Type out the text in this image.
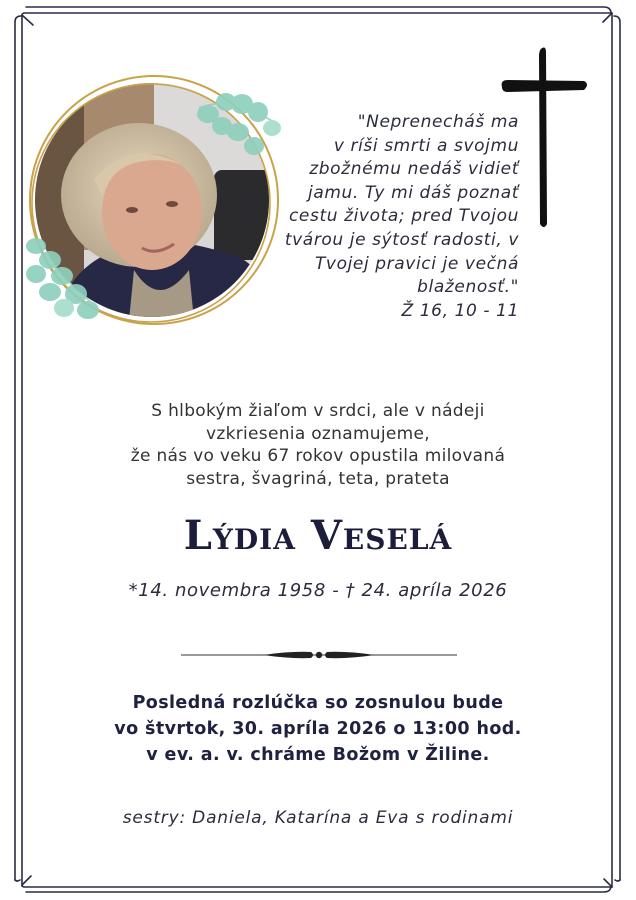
"Neprenecháš ma
v ríši smrti a svojmu
zbožnému nedáš vidieť
jamu. Ty mi dáš poznať
cestu života; pred Tvojou
tvárou je sýtosť radosti, v
Tvojej pravici je večná
blaženosť."
Ž 16, 10 - 11
S hlbokým žiaľom v srdci, ale v nádeji
vzkriesenia oznamujeme,
že nás vo veku 67 rokov opustila milovaná
sestra, švagriná, teta, prateta
Lýdia Veselá
*14. novembra 1958 - † 24. apríla 2026
Posledná rozlúčka so zosnulou bude
vo štvrtok, 30. apríla 2026 o 13:00 hod.
v ev. a. v. chráme Božom v Žiline.
sestry: Daniela, Katarína a Eva s rodinami
